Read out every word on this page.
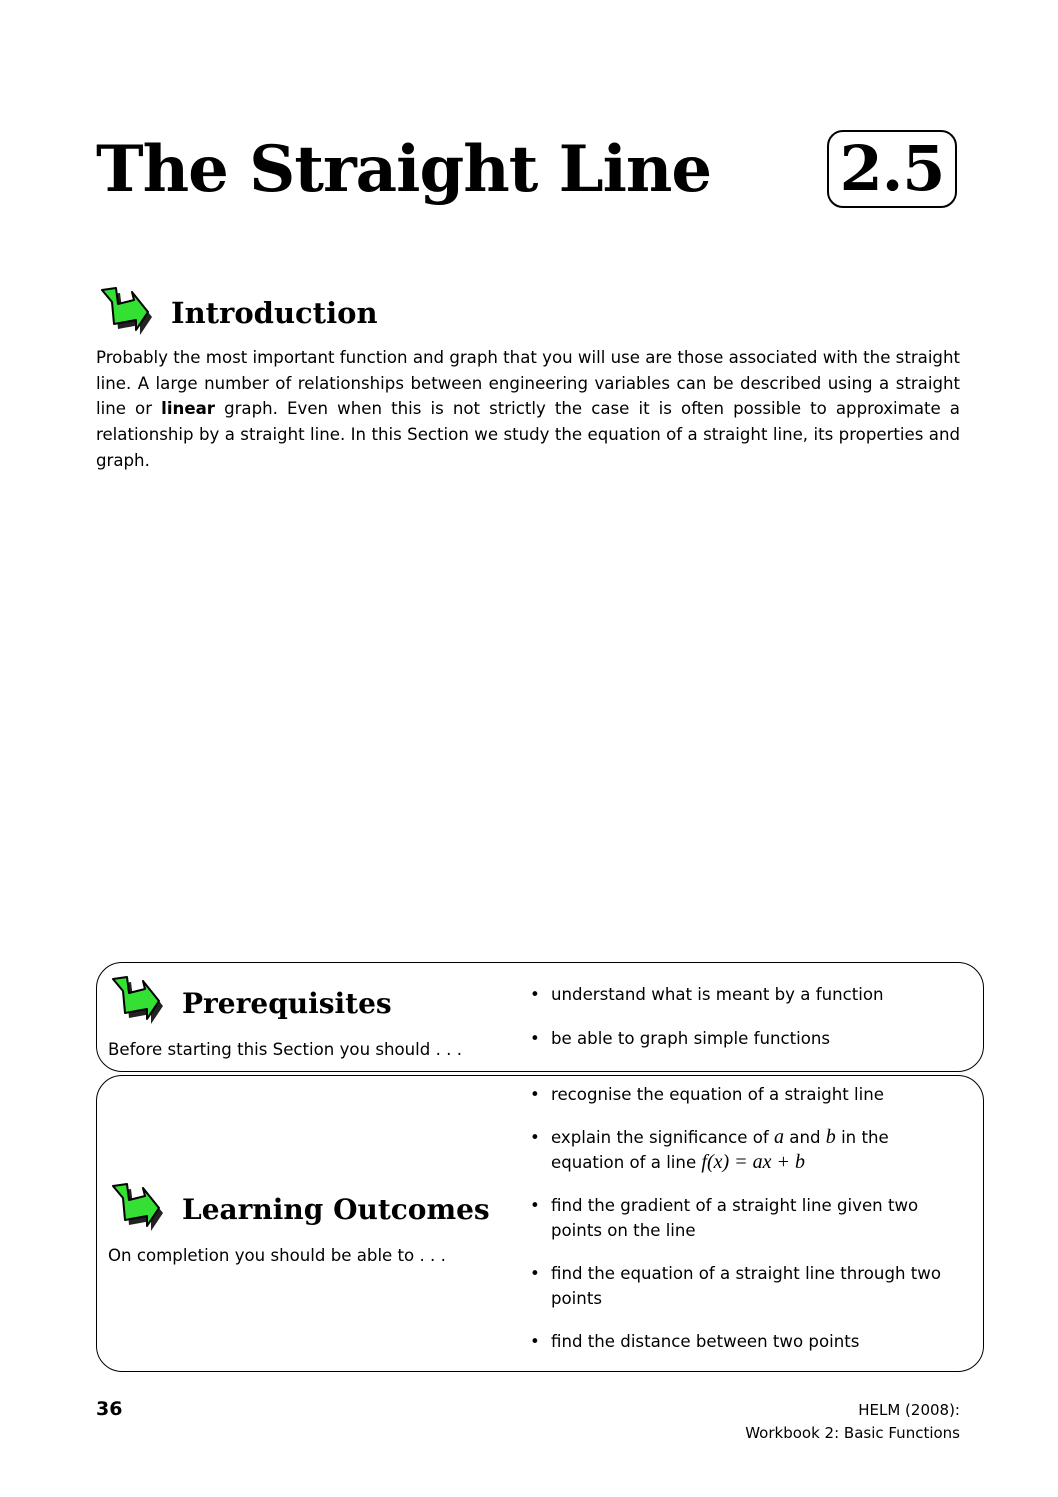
The Straight Line 2.5
Introduction

Probably the most important function and graph that you will use are those associated with the straight line. A large number of relationships between engineering variables can be described using a straight line or linear graph. Even when this is not strictly the case it is often possible to approximate a relationship by a straight line. In this Section we study the equation of a straight line, its properties and graph.

Prerequisites

Before starting this Section you should . . .

• understand what is meant by a function
• be able to graph simple functions
Learning Outcomes

On completion you should be able to . . .

• recognise the equation of a straight line
• explain the significance of a and b in the equation of a line f(x) = ax + b
• find the gradient of a straight line given two points on the line
• find the equation of a straight line through two points
• find the distance between two points
36	HELM (2008):
Workbook 2: Basic Functions
